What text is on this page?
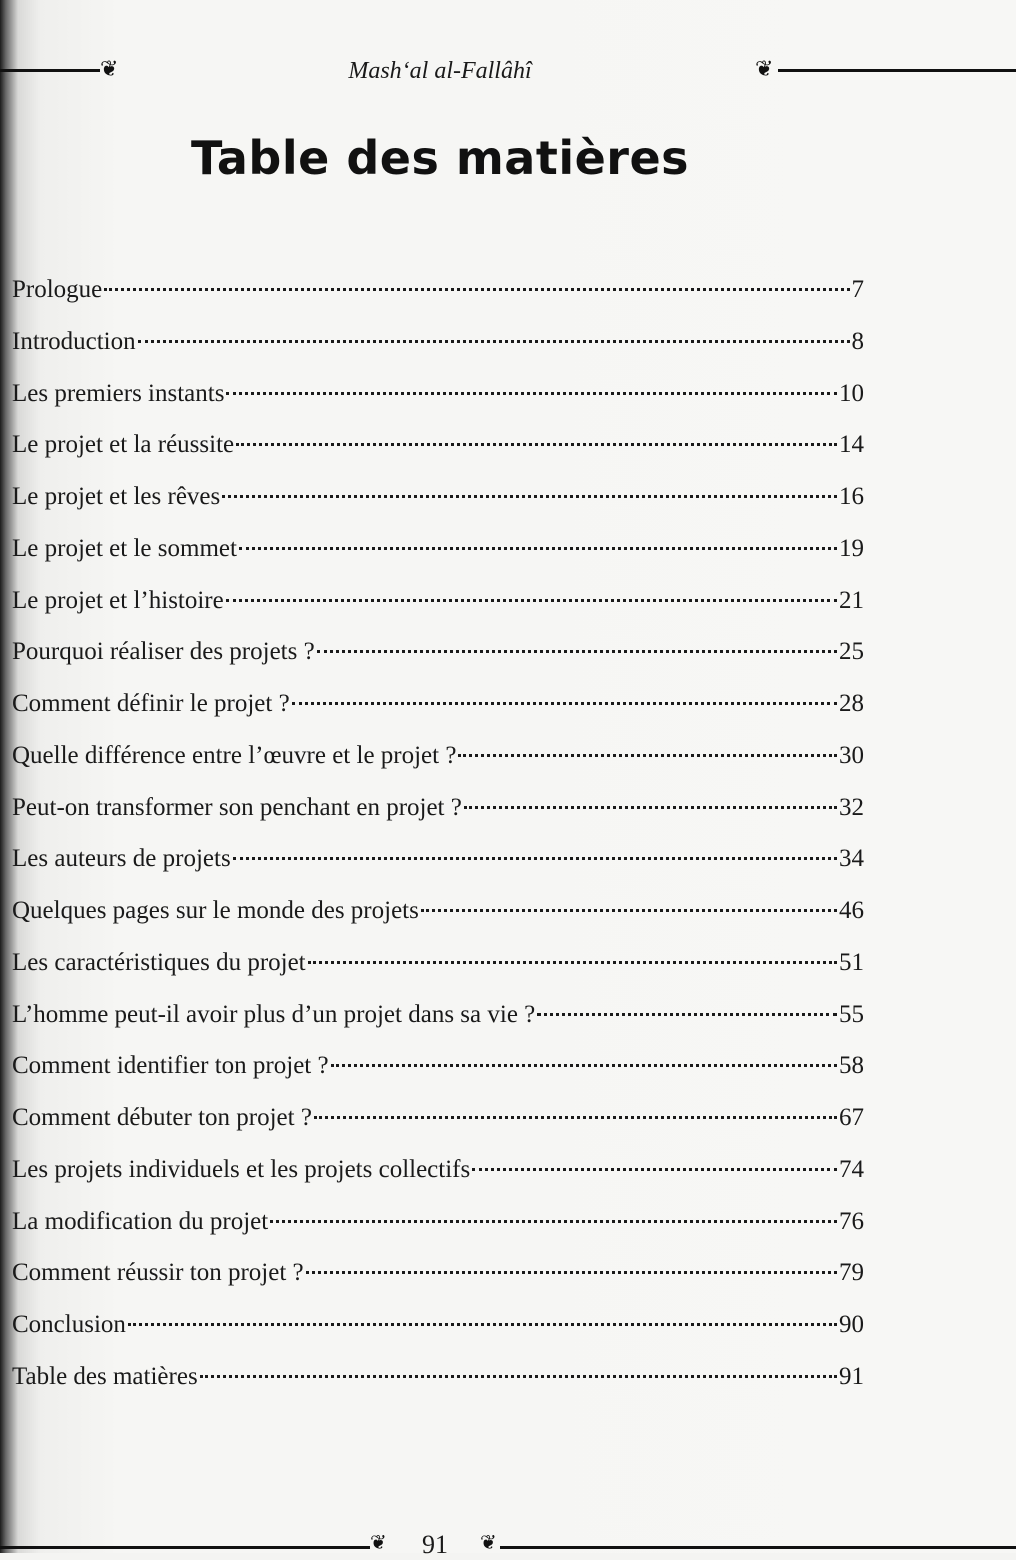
❦	Mash‘al al-Fallâhî	❦
Table des matières
Prologue	7
Introduction	8
Les premiers instants	10
Le projet et la réussite	14
Le projet et les rêves	16
Le projet et le sommet	19
Le projet et l’histoire	21
Pourquoi réaliser des projets ?	25
Comment définir le projet ?	28
Quelle différence entre l’œuvre et le projet ?	30
Peut-on transformer son penchant en projet ?	32
Les auteurs de projets	34
Quelques pages sur le monde des projets	46
Les caractéristiques du projet	51
L’homme peut-il avoir plus d’un projet dans sa vie ?	55
Comment identifier ton projet ?	58
Comment débuter ton projet ?	67
Les projets individuels et les projets collectifs	74
La modification du projet	76
Comment réussir ton projet ?	79
Conclusion	90
Table des matières	91
❦	91	❦
